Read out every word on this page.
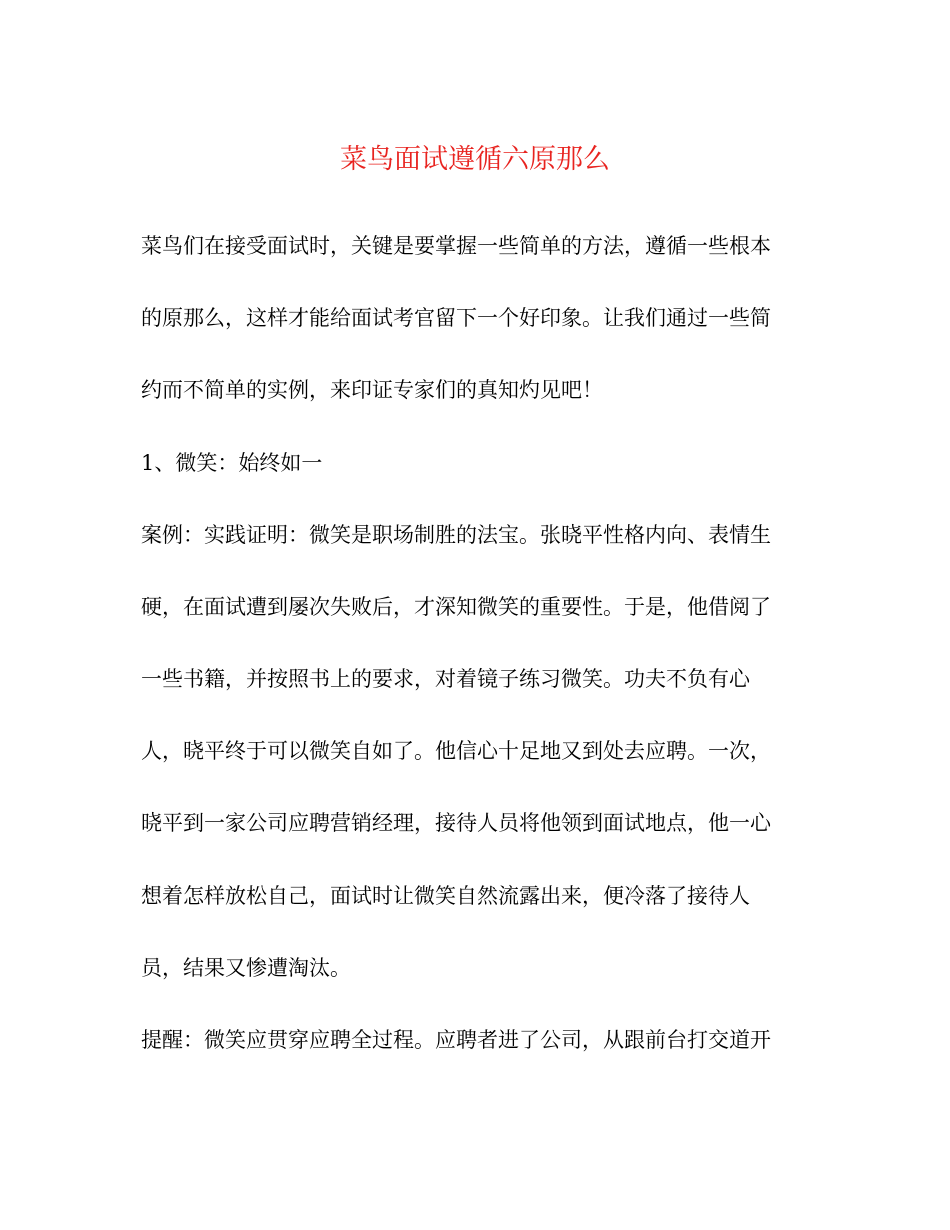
菜鸟面试遵循六原那么
菜鸟们在接受面试时，关键是要掌握一些简单的方法，遵循一些根本
的原那么，这样才能给面试考官留下一个好印象。让我们通过一些简
约而不简单的实例，来印证专家们的真知灼见吧！
1、微笑：始终如一
案例：实践证明：微笑是职场制胜的法宝。张晓平性格内向、表情生
硬，在面试遭到屡次失败后，才深知微笑的重要性。于是，他借阅了
一些书籍，并按照书上的要求，对着镜子练习微笑。功夫不负有心
人，晓平终于可以微笑自如了。他信心十足地又到处去应聘。一次，
晓平到一家公司应聘营销经理，接待人员将他领到面试地点，他一心
想着怎样放松自己，面试时让微笑自然流露出来，便冷落了接待人
员，结果又惨遭淘汰。
提醒：微笑应贯穿应聘全过程。应聘者进了公司，从跟前台打交道开
